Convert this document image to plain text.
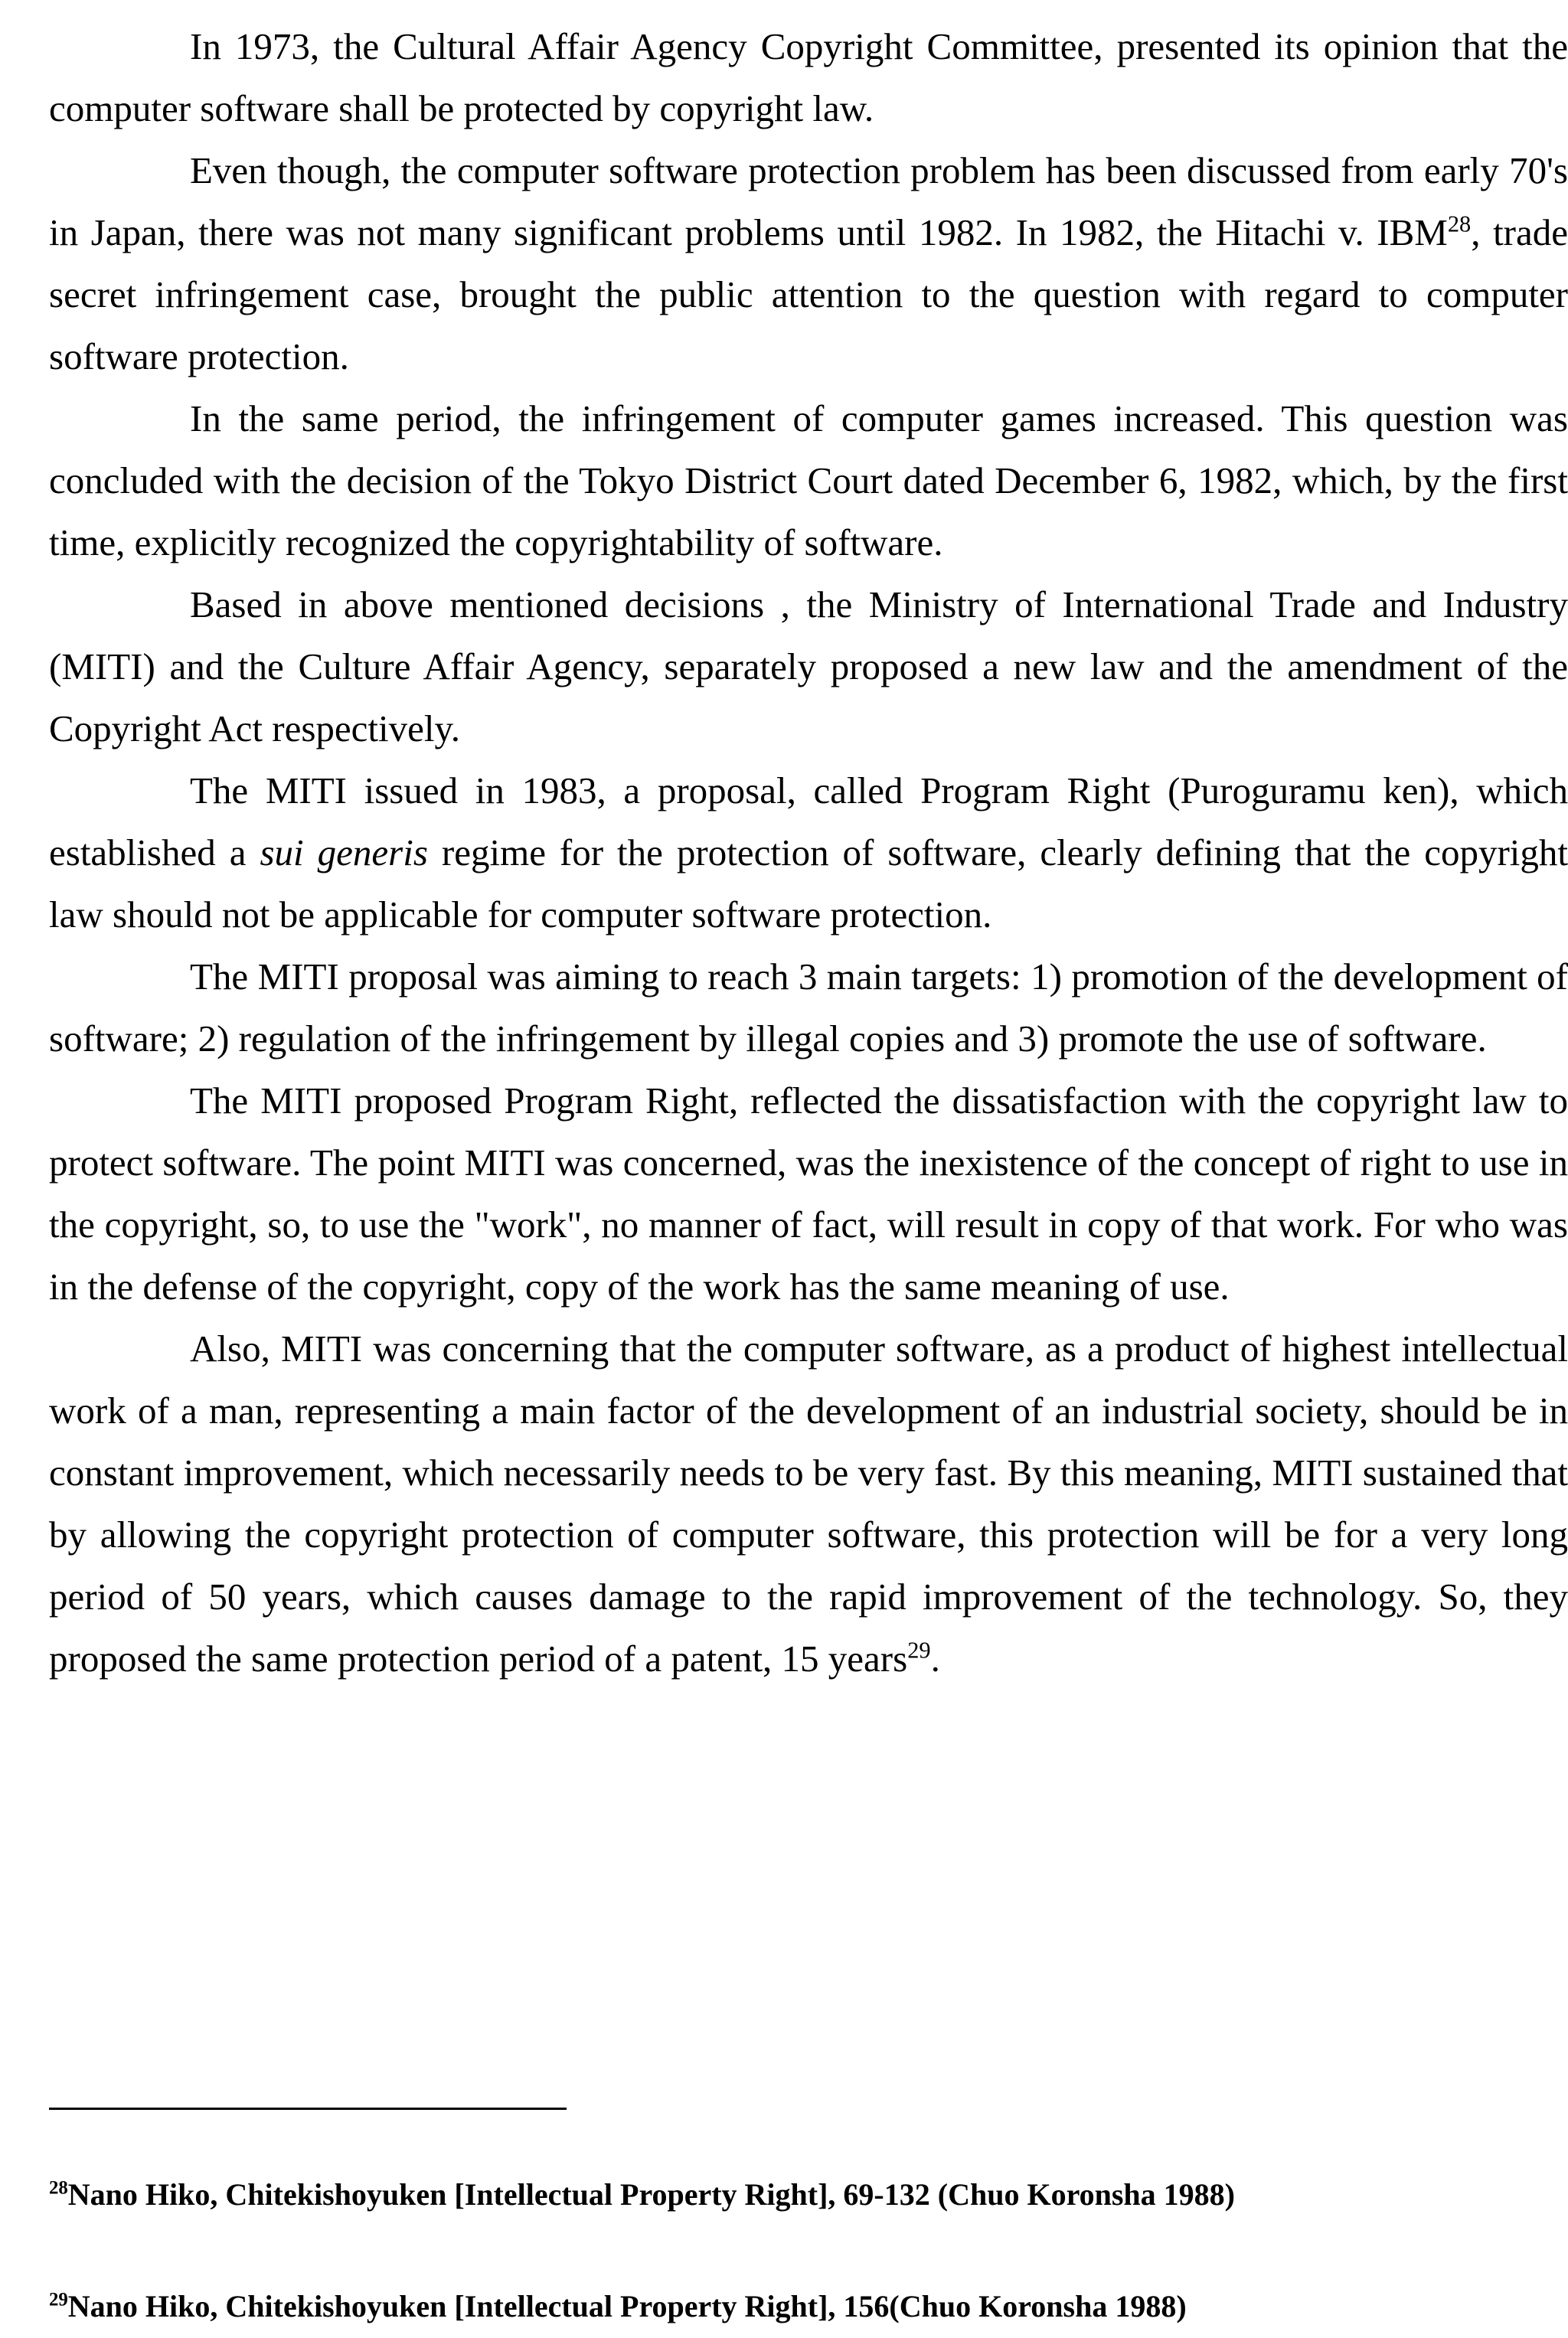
In 1973, the Cultural Affair Agency Copyright Committee, presented its opinion that the computer software shall be protected by copyright law.

Even though, the computer software protection problem has been discussed from early 70's in Japan, there was not many significant problems until 1982. In 1982, the Hitachi v. IBM$^{28}$, trade secret infringement case, brought the public attention to the question with regard to computer software protection.

In the same period, the infringement of computer games increased. This question was concluded with the decision of the Tokyo District Court dated December 6, 1982, which, by the first time, explicitly recognized the copyrightability of software.

Based in above mentioned decisions , the Ministry of International Trade and Industry (MITI) and the Culture Affair Agency, separately proposed a new law and the amendment of the Copyright Act respectively.

The MITI issued in 1983, a proposal, called Program Right (Puroguramu ken), which established a sui generis regime for the protection of software, clearly defining that the copyright law should not be applicable for computer software protection.

The MITI proposal was aiming to reach 3 main targets: 1) promotion of the development of software; 2) regulation of the infringement by illegal copies and 3) promote the use of software.

The MITI proposed Program Right, reflected the dissatisfaction with the copyright law to protect software. The point MITI was concerned, was the inexistence of the concept of right to use in the copyright, so, to use the "work", no manner of fact, will result in copy of that work. For who was in the defense of the copyright, copy of the work has the same meaning of use.

Also, MITI was concerning that the computer software, as a product of highest intellectual work of a man, representing a main factor of the development of an industrial society, should be in constant improvement, which necessarily needs to be very fast. By this meaning, MITI sustained that by allowing the copyright protection of computer software, this protection will be for a very long period of 50 years, which causes damage to the rapid improvement of the technology. So, they proposed the same protection period of a patent, 15 years$^{29}$.

$^{28}$Nano Hiko, Chitekishoyuken [Intellectual Property Right], 69-132 (Chuo Koronsha 1988)

$^{29}$Nano Hiko, Chitekishoyuken [Intellectual Property Right], 156(Chuo Koronsha 1988)
